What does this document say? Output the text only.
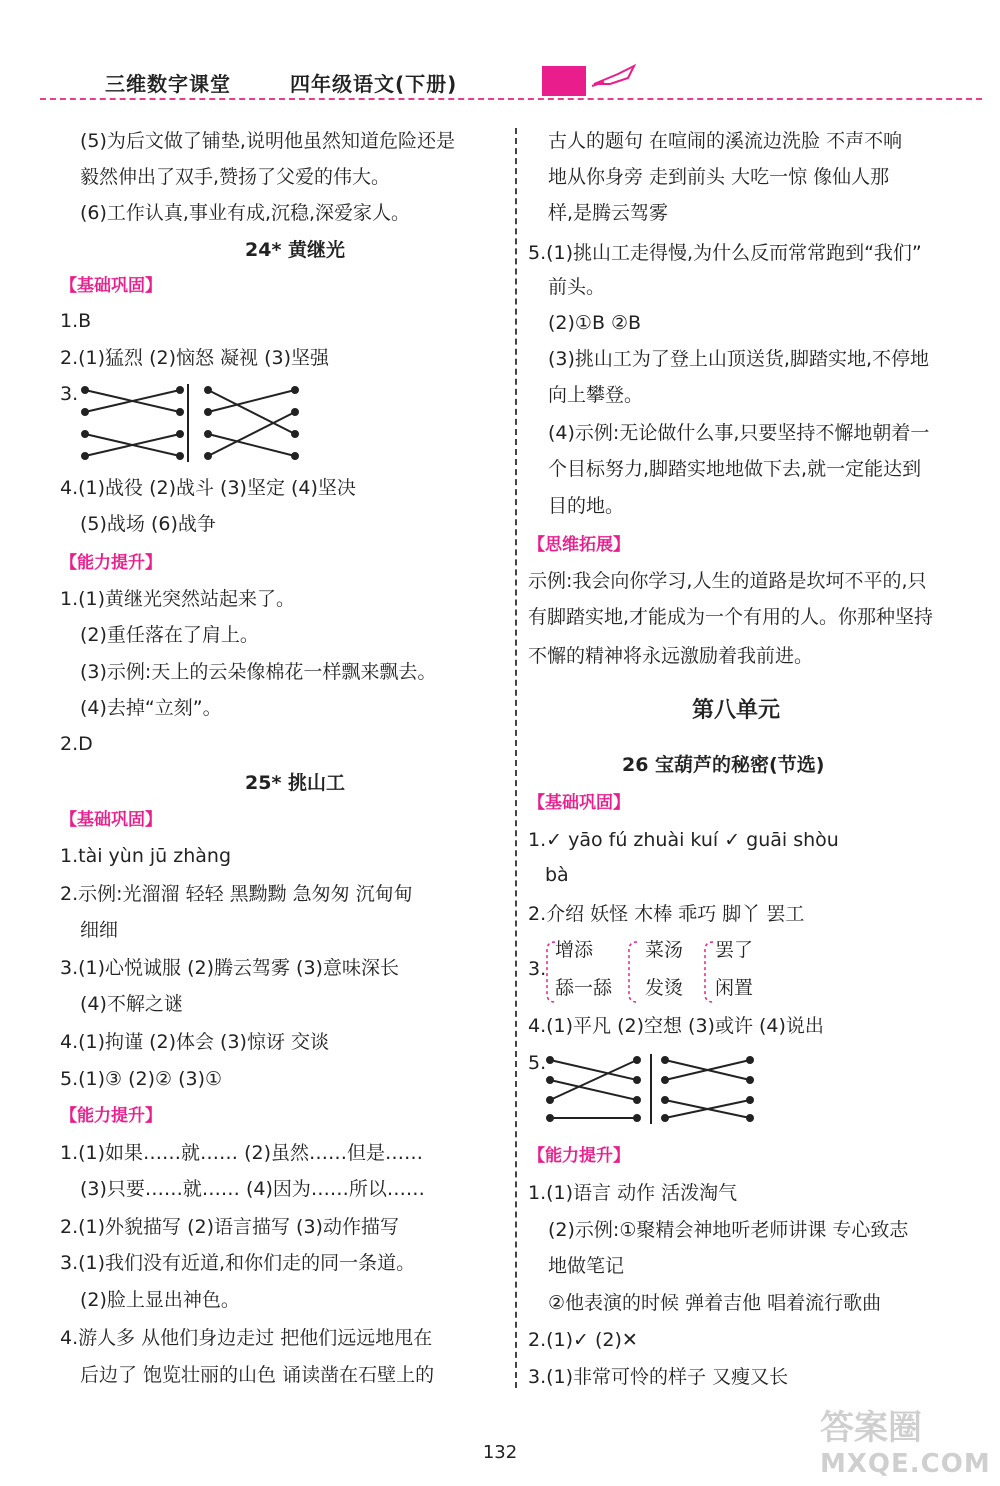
三维数字课堂	四年级语文(下册)
(5)为后文做了铺垫,说明他虽然知道危险还是
毅然伸出了双手,赞扬了父爱的伟大。
(6)工作认真,事业有成,沉稳,深爱家人。
24* 黄继光
【基础巩固】
1.B
2.(1)猛烈 (2)恼怒 凝视 (3)坚强
3.
4.(1)战役 (2)战斗 (3)坚定 (4)坚决
(5)战场 (6)战争
【能力提升】
1.(1)黄继光突然站起来了。
(2)重任落在了肩上。
(3)示例:天上的云朵像棉花一样飘来飘去。
(4)去掉“立刻”。
2.D
25* 挑山工
【基础巩固】
1.tài yùn jū zhàng
2.示例:光溜溜 轻轻 黑黝黝 急匆匆 沉甸甸
细细
3.(1)心悦诚服 (2)腾云驾雾 (3)意味深长
(4)不解之谜
4.(1)拘谨 (2)体会 (3)惊讶 交谈
5.(1)③ (2)② (3)①
【能力提升】
1.(1)如果……就…… (2)虽然……但是……
(3)只要……就…… (4)因为……所以……
2.(1)外貌描写 (2)语言描写 (3)动作描写
3.(1)我们没有近道,和你们走的同一条道。
(2)脸上显出神色。
4.游人多 从他们身边走过 把他们远远地甩在
后边了 饱览壮丽的山色 诵读凿在石壁上的
古人的题句 在喧闹的溪流边洗脸 不声不响
地从你身旁 走到前头 大吃一惊 像仙人那
样,是腾云驾雾
5.(1)挑山工走得慢,为什么反而常常跑到“我们”
前头。
(2)①B ②B
(3)挑山工为了登上山顶送货,脚踏实地,不停地
向上攀登。
(4)示例:无论做什么事,只要坚持不懈地朝着一
个目标努力,脚踏实地地做下去,就一定能达到
目的地。
【思维拓展】
示例:我会向你学习,人生的道路是坎坷不平的,只
有脚踏实地,才能成为一个有用的人。你那种坚持
不懈的精神将永远激励着我前进。
第八单元
26 宝葫芦的秘密(节选)
【基础巩固】
1.✓ yāo fú zhuài kuí ✓ guāi shòu
bà
2.介绍 妖怪 木棒 乖巧 脚丫 罢工
增添	菜汤 罢了
3.
舔一舔 发烫 闲置
4.(1)平凡 (2)空想 (3)或许 (4)说出
5.
【能力提升】
1.(1)语言 动作 活泼淘气
(2)示例:①聚精会神地听老师讲课 专心致志
地做笔记
②他表演的时候 弹着吉他 唱着流行歌曲
2.(1)✓ (2)✕
3.(1)非常可怜的样子 又瘦又长
132
答案圈
MXQE.COM
